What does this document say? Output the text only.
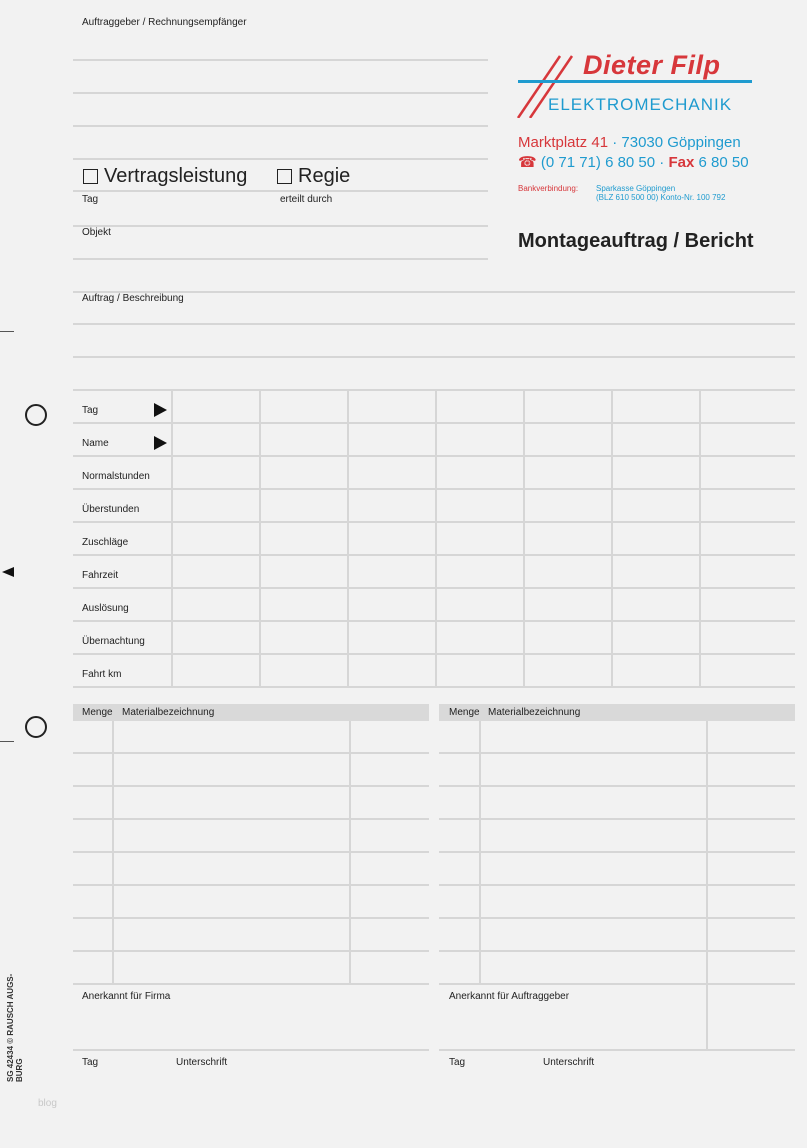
Auftraggeber / Rechnungsempfänger
Vertragsleistung	Regie
Tag	erteilt durch
Objekt
Dieter Filp
ELEKTROMECHANIK
Marktplatz 41 · 73030 Göppingen
☎ (0 71 71) 6 80 50 · Fax 6 80 50
Bankverbindung: Sparkasse Göppingen
(BLZ 610 500 00) Konto-Nr. 100 792
Montageauftrag / Bericht
Auftrag / Beschreibung
Tag
Name
Normalstunden
Überstunden
Zuschläge
Fahrzeit
Auslösung
Übernachtung
Fahrt km
Menge Materialbezeichnung	Menge Materialbezeichnung
Anerkannt für Firma	Anerkannt für Auftraggeber
Tag	Unterschrift	Tag	Unterschrift
SG 42434 © RAUSCH AUGS- BURG
blog
